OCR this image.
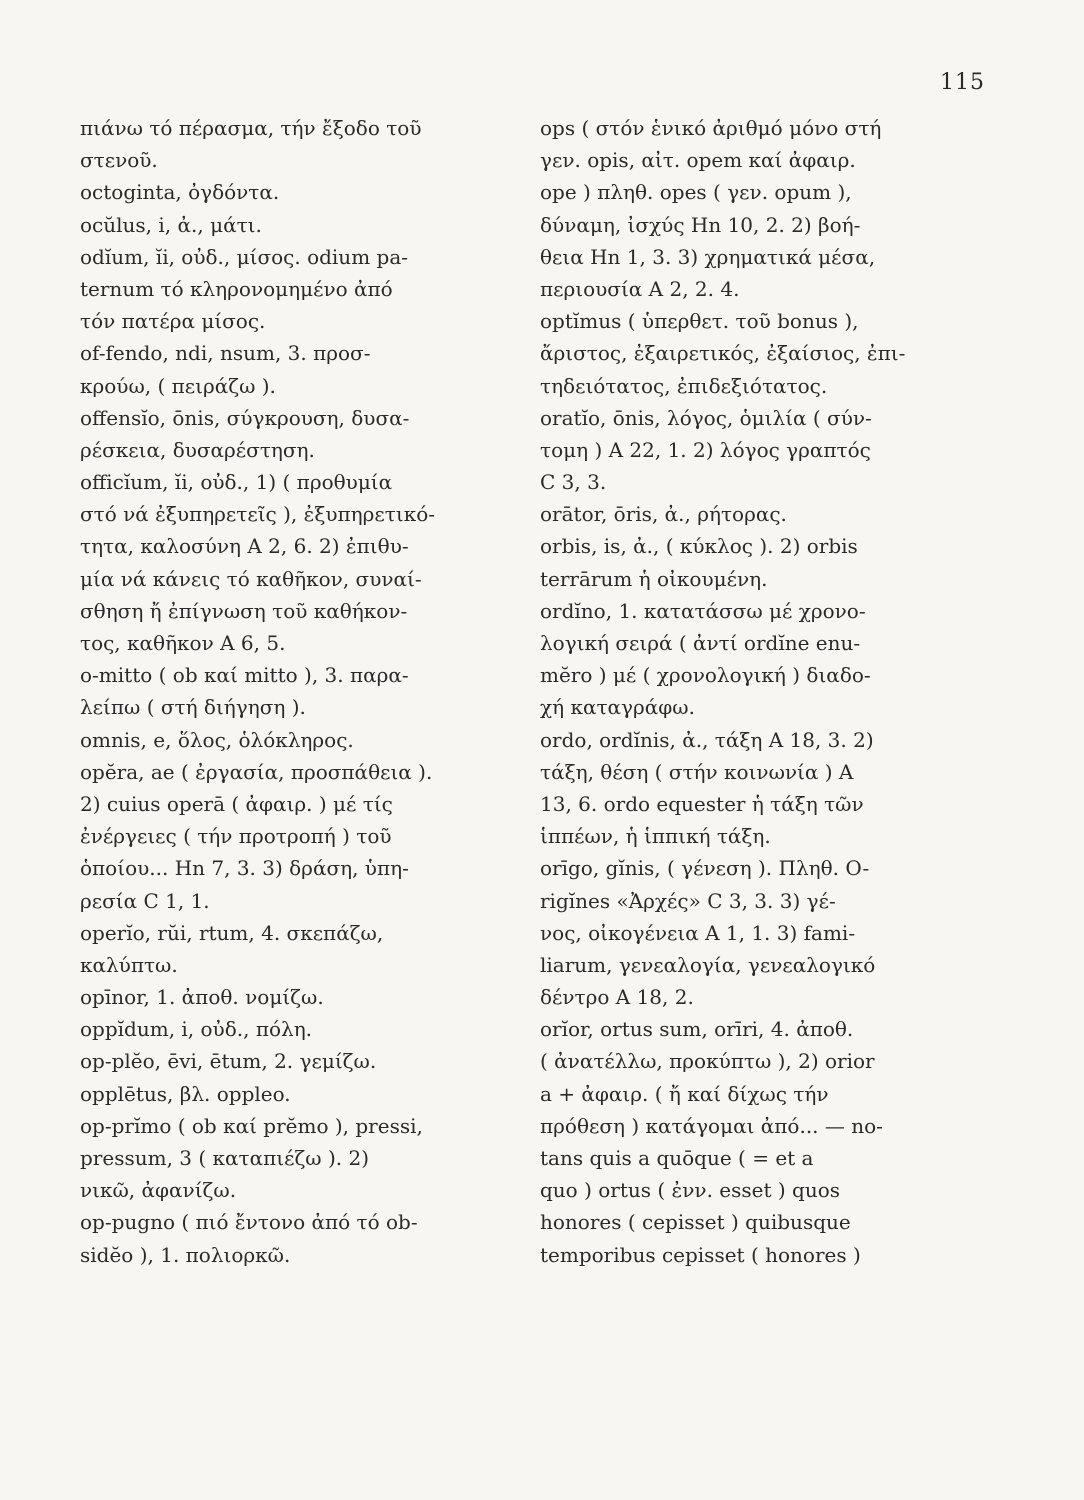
115
πιάνω τό πέρασμα, τήν ἔξοδο τοῦ
στενοῦ.
octoginta, ὀγδόντα.
ocŭlus, i, ἀ., μάτι.
odĭum, ĭi, οὐδ., μίσος. odium pa-
ternum τό κληρονομημένο ἀπό
τόν πατέρα μίσος.
of-fendo, ndi, nsum, 3. προσ-
κρούω, ( πειράζω ).
offensĭo, ōnis, σύγκρουση, δυσα-
ρέσκεια, δυσαρέστηση.
officĭum, ĭi, οὐδ., 1) ( προθυμία
στό νά ἐξυπηρετεῖς ), ἐξυπηρετικό-
τητα, καλοσύνη A 2, 6. 2) ἐπιθυ-
μία νά κάνεις τό καθῆκον, συναί-
σθηση ἤ ἐπίγνωση τοῦ καθήκον-
τος, καθῆκον A 6, 5.
o-mitto ( ob καί mitto ), 3. παρα-
λείπω ( στή διήγηση ).
omnis, e, ὅλος, ὁλόκληρος.
opĕra, ae ( ἐργασία, προσπάθεια ).
2) cuius operā ( ἀφαιρ. ) μέ τίς
ἐνέργειες ( τήν προτροπή ) τοῦ
ὁποίου... Hn 7, 3. 3) δράση, ὑπη-
ρεσία C 1, 1.
operĭo, rŭi, rtum, 4. σκεπάζω,
καλύπτω.
opīnor, 1. ἀποθ. νομίζω.
oppĭdum, i, οὐδ., πόλη.
op-plĕo, ēvi, ētum, 2. γεμίζω.
opplētus, βλ. oppleo.
op-prĭmo ( ob καί prĕmo ), pressi,
pressum, 3 ( καταπιέζω ). 2)
νικῶ, ἀφανίζω.
op-pugno ( πιό ἔντονο ἀπό τό ob-
sidĕo ), 1. πολιορκῶ.
ops ( στόν ἑνικό ἀριθμό μόνο στή
γεν. opis, αἰτ. opem καί ἀφαιρ.
ope ) πληθ. opes ( γεν. opum ),
δύναμη, ἰσχύς Hn 10, 2. 2) βοή-
θεια Hn 1, 3. 3) χρηματικά μέσα,
περιουσία A 2, 2. 4.
optĭmus ( ὑπερθετ. τοῦ bonus ),
ἄριστος, ἐξαιρετικός, ἐξαίσιος, ἐπι-
τηδειότατος, ἐπιδεξιότατος.
oratĭo, ōnis, λόγος, ὁμιλία ( σύν-
τομη ) A 22, 1. 2) λόγος γραπτός
C 3, 3.
orātor, ōris, ἀ., ρήτορας.
orbis, is, ἀ., ( κύκλος ). 2) orbis
terrārum ἡ οἰκουμένη.
ordĭno, 1. κατατάσσω μέ χρονο-
λογική σειρά ( ἀντί ordĭne enu-
mĕro ) μέ ( χρονολογική ) διαδο-
χή καταγράφω.
ordo, ordĭnis, ἀ., τάξη A 18, 3. 2)
τάξη, θέση ( στήν κοινωνία ) A
13, 6. ordo equester ἡ τάξη τῶν
ἱππέων, ἡ ἱππική τάξη.
orīgo, gĭnis, ( γένεση ). Πληθ. O-
rigĭnes «Ἀρχές» C 3, 3. 3) γέ-
νος, οἰκογένεια A 1, 1. 3) fami-
liarum, γενεαλογία, γενεαλογικό
δέντρο A 18, 2.
orĭor, ortus sum, orīri, 4. ἀποθ.
( ἀνατέλλω, προκύπτω ), 2) orior
a + ἀφαιρ. ( ἤ καί δίχως τήν
πρόθεση ) κατάγομαι ἀπό... — no-
tans quis a quōque ( = et a
quo ) ortus ( ἐνν. esset ) quos
honores ( cepisset ) quibusque
temporibus cepisset ( honores )
